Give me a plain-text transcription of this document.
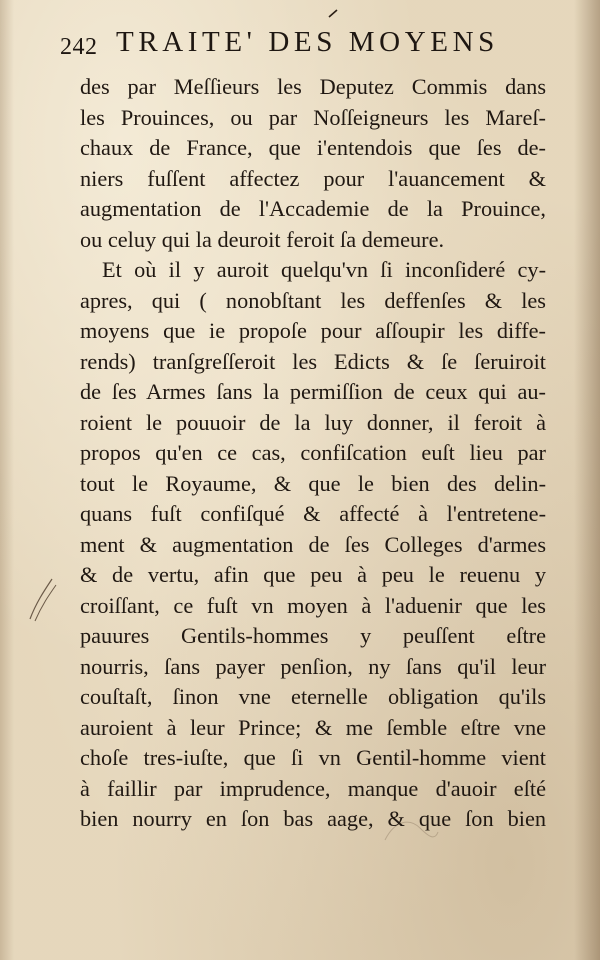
242 TRAITE' DES MOYENS
des par Meſſieurs les Deputez Commis dans
les Prouinces, ou par Noſſeigneurs les Mareſ-
chaux de France, que i'entendois que ſes de-
niers fuſſent affectez pour l'auancement &
augmentation de l'Accademie de la Prouince,
ou celuy qui la deuroit feroit ſa demeure.
Et où il y auroit quelqu'vn ſi inconſideré cy-
apres, qui ( nonobſtant les deffenſes & les
moyens que ie propoſe pour aſſoupir les diffe-
rends) tranſgreſſeroit les Edicts & ſe ſeruiroit
de ſes Armes ſans la permiſſion de ceux qui au-
roient le pouuoir de la luy donner, il feroit à
propos qu'en ce cas, confiſcation euſt lieu par
tout le Royaume, & que le bien des delin-
quans fuſt confiſqué & affecté à l'entretene-
ment & augmentation de ſes Colleges d'armes
& de vertu, afin que peu à peu le reuenu y
croiſſant, ce fuſt vn moyen à l'aduenir que les
pauures Gentils-hommes y peuſſent eſtre
nourris, ſans payer penſion, ny ſans qu'il leur
couſtaſt, ſinon vne eternelle obligation qu'ils
auroient à leur Prince; & me ſemble eſtre vne
choſe tres-iuſte, que ſi vn Gentil-homme vient
à faillir par imprudence, manque d'auoir eſté
bien nourry en ſon bas aage, & que ſon bien
